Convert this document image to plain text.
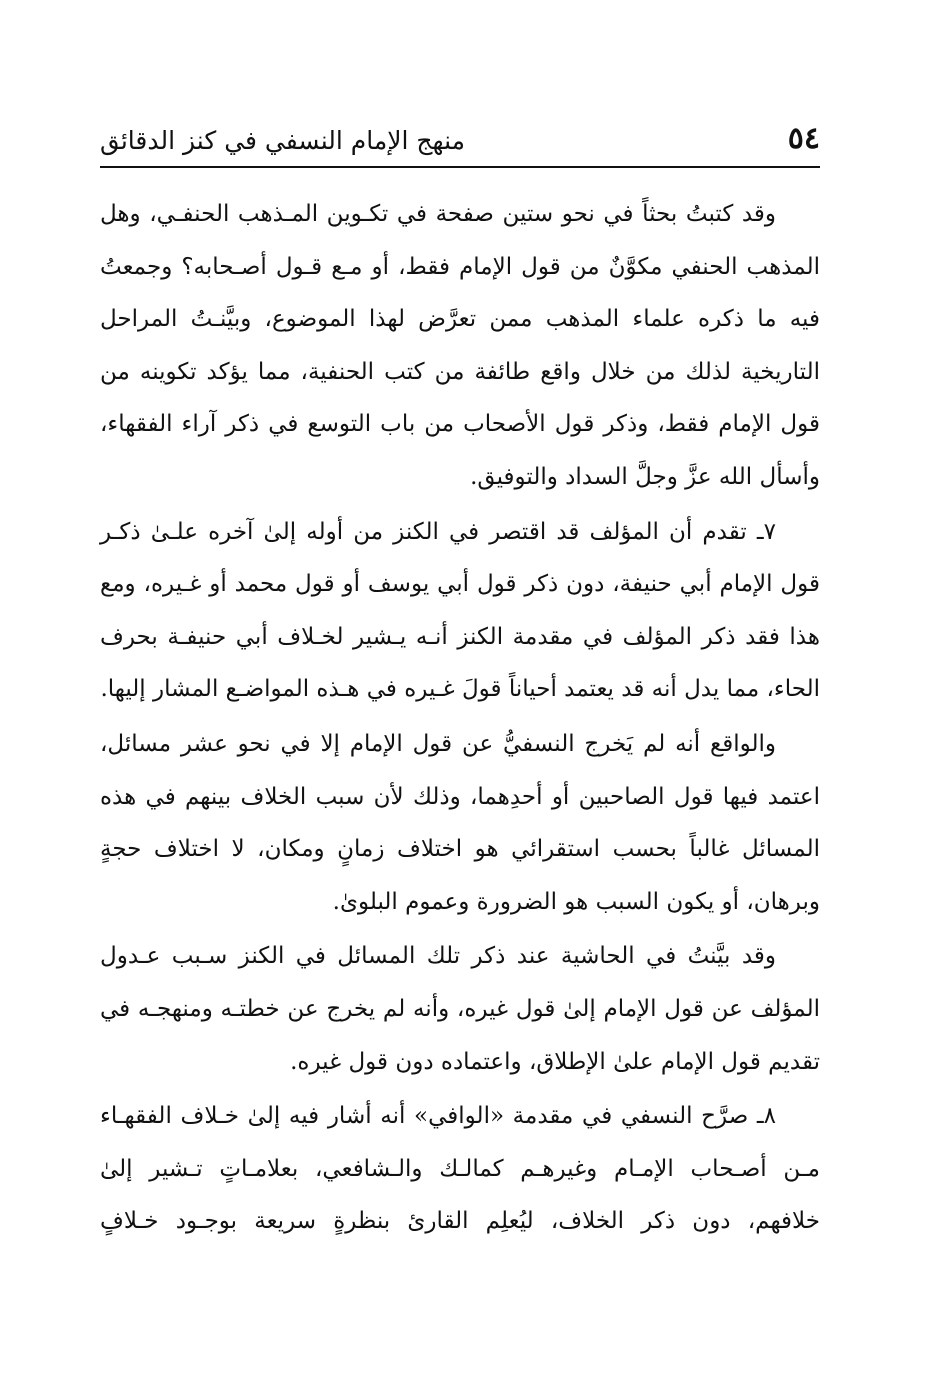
٥٤
منهج الإمام النسفي في كنز الدقائق

وقد كتبتُ بحثاً في نحو ستين صفحة في تكـوين المـذهب الحنفـي، وهل المذهب الحنفي مكوَّنٌ من قول الإمام فقط، أو مـع قـول أصـحابه؟ وجمعتُ فيه ما ذكره علماء المذهب ممن تعرَّض لهذا الموضوع، وبيَّنـتُ المراحل التاريخية لذلك من خلال واقع طائفة من كتب الحنفية، مما يؤكد تكوينه من قول الإمام فقط، وذكر قول الأصحاب من باب التوسع في ذكر آراء الفقهاء، وأسأل الله عزَّ وجلَّ السداد والتوفيق.

٧ـ تقدم أن المؤلف قد اقتصر في الكنز من أوله إلىٰ آخره علـىٰ ذكـر قول الإمام أبي حنيفة، دون ذكر قول أبي يوسف أو قول محمد أو غـيره، ومع هذا فقد ذكر المؤلف في مقدمة الكنز أنـه يـشير لخـلاف أبي حنيفـة بحرف الحاء، مما يدل أنه قد يعتمد أحياناً قولَ غـيره في هـذه المواضـع المشار إليها.

والواقع أنه لم يَخرج النسفيُّ عن قول الإمام إلا في نحو عشر مسائل، اعتمد فيها قول الصاحبين أو أحدِهما، وذلك لأن سبب الخلاف بينهم في هذه المسائل غالباً بحسب استقرائي هو اختلاف زمانٍ ومكان، لا اختلاف حجةٍ وبرهان، أو يكون السبب هو الضرورة وعموم البلوىٰ.

وقد بيَّنتُ في الحاشية عند ذكر تلك المسائل في الكنز سـبب عـدول المؤلف عن قول الإمام إلىٰ قول غيره، وأنه لم يخرج عن خطتـه ومنهجـه في تقديم قول الإمام علىٰ الإطلاق، واعتماده دون قول غيره.

٨ـ صرَّح النسفي في مقدمة «الوافي» أنه أشار فيه إلىٰ خـلاف الفقهـاء مـن أصـحاب الإمـام وغيرهـم كمالـك والـشافعي، بعلامـاتٍ تـشير إلىٰ خلافهم، دون ذكر الخلاف، ليُعلِم القارئ بنظرةٍ سريعة بوجـود خـلافٍ
